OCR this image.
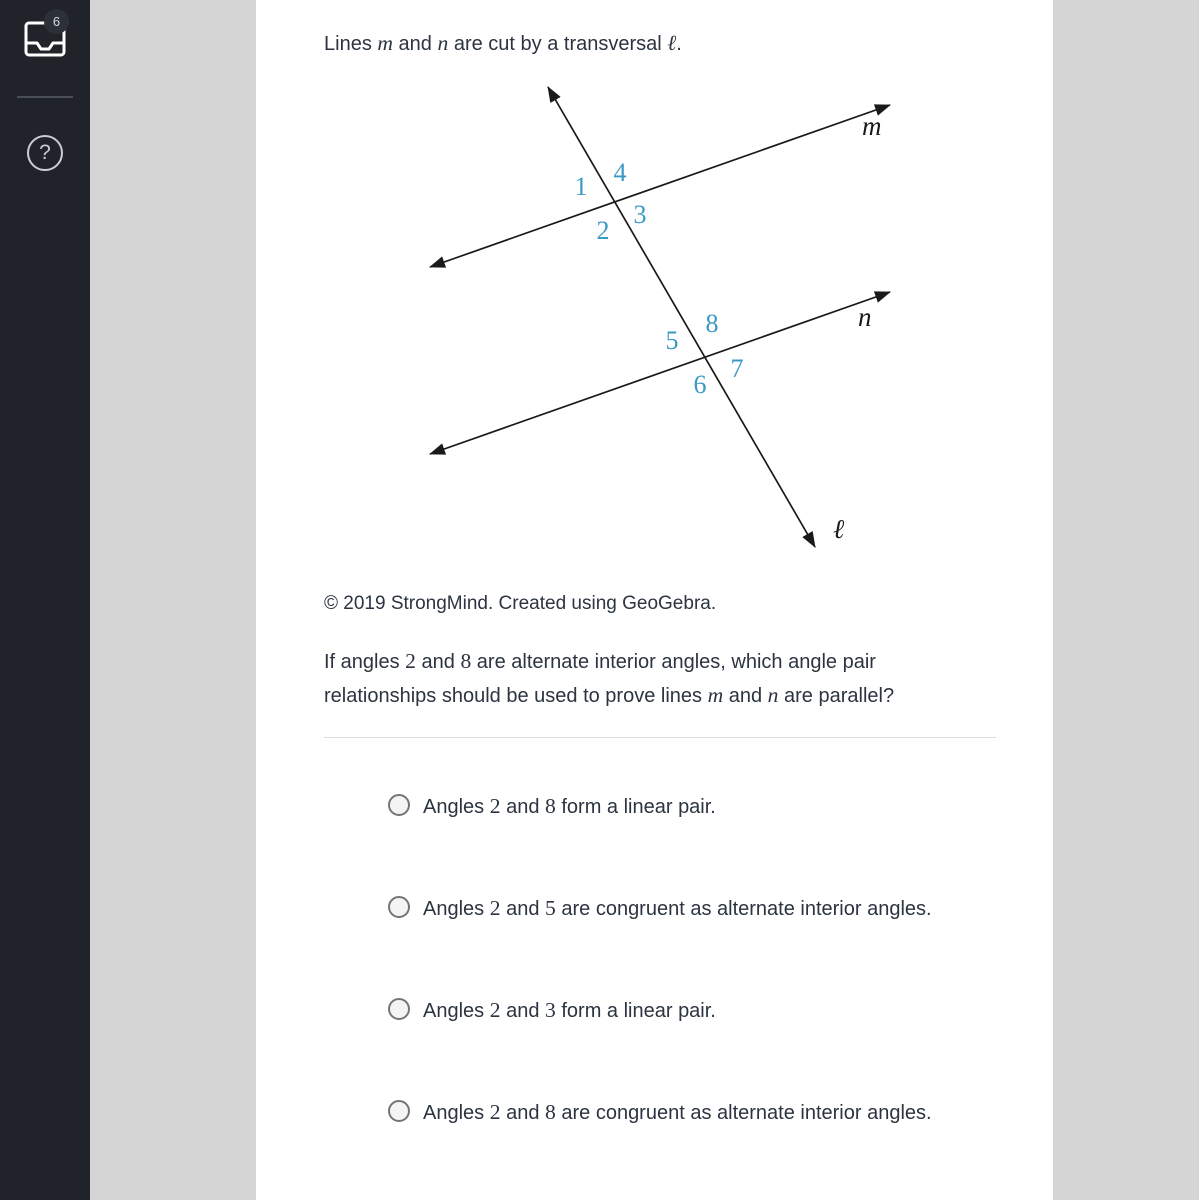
6
?

Lines m and n are cut by a transversal ℓ.

1 4
2
3
5
8
6
7
m
n
ℓ

© 2019 StrongMind. Created using GeoGebra.

If angles 2 and 8 are alternate interior angles, which angle pair relationships should be used to prove lines m and n are parallel?

Angles 2 and 8 form a linear pair.
Angles 2 and 5 are congruent as alternate interior angles.
Angles 2 and 3 form a linear pair.
Angles 2 and 8 are congruent as alternate interior angles.
